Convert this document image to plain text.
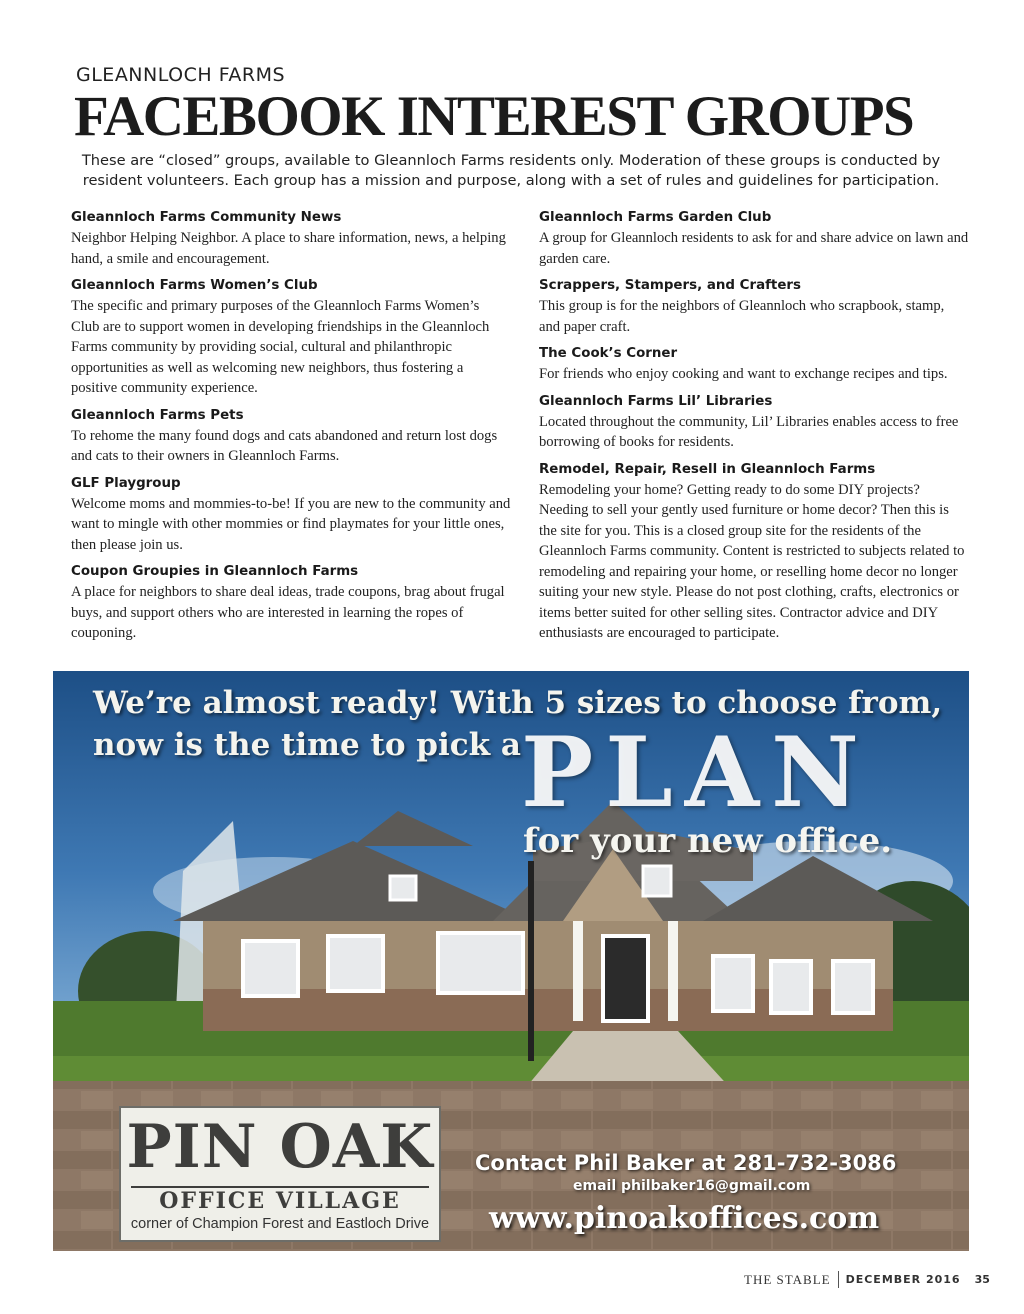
GLEANNLOCH FARMS
FACEBOOK INTEREST GROUPS
These are “closed” groups, available to Gleannloch Farms residents only. Moderation of these groups is conducted by resident volunteers. Each group has a mission and purpose, along with a set of rules and guidelines for participation.
Gleannloch Farms Community News

Neighbor Helping Neighbor. A place to share information, news, a helping hand, a smile and encouragement.

Gleannloch Farms Women’s Club

The specific and primary purposes of the Gleannloch Farms Women’s Club are to support women in developing friendships in the Gleannloch Farms community by providing social, cultural and philanthropic opportunities as well as welcoming new neighbors, thus fostering a positive community experience.

Gleannloch Farms Pets

To rehome the many found dogs and cats abandoned and return lost dogs and cats to their owners in Gleannloch Farms.

GLF Playgroup

Welcome moms and mommies-to-be! If you are new to the community and want to mingle with other mommies or find playmates for your little ones, then please join us.

Coupon Groupies in Gleannloch Farms

A place for neighbors to share deal ideas, trade coupons, brag about frugal buys, and support others who are interested in learning the ropes of couponing.

Gleannloch Farms Garden Club

A group for Gleannloch residents to ask for and share advice on lawn and garden care.

Scrappers, Stampers, and Crafters

This group is for the neighbors of Gleannloch who scrapbook, stamp, and paper craft.

The Cook’s Corner

For friends who enjoy cooking and want to exchange recipes and tips.

Gleannloch Farms Lil’ Libraries

Located throughout the community, Lil’ Libraries enables access to free borrowing of books for residents.

Remodel, Repair, Resell in Gleannloch Farms

Remodeling your home? Getting ready to do some DIY projects? Needing to sell your gently used furniture or home decor? Then this is the site for you. This is a closed group site for the residents of the Gleannloch Farms community. Content is restricted to subjects related to remodeling and repairing your home, or reselling home decor no longer suiting your new style. Please do not post clothing, crafts, electronics or items better suited for other selling sites. Contractor advice and DIY enthusiasts are encouraged to participate.

We’re almost ready! With 5 sizes to choose from,
now is the time to pick a PLAN
for your new office.
PIN OAK
OFFICE VILLAGE
corner of Champion Forest and Eastloch Drive
Contact Phil Baker at 281-732-3086
email philbaker16@gmail.com
www.pinoakoffices.com
THE STABLE DECEMBER 2016 35
